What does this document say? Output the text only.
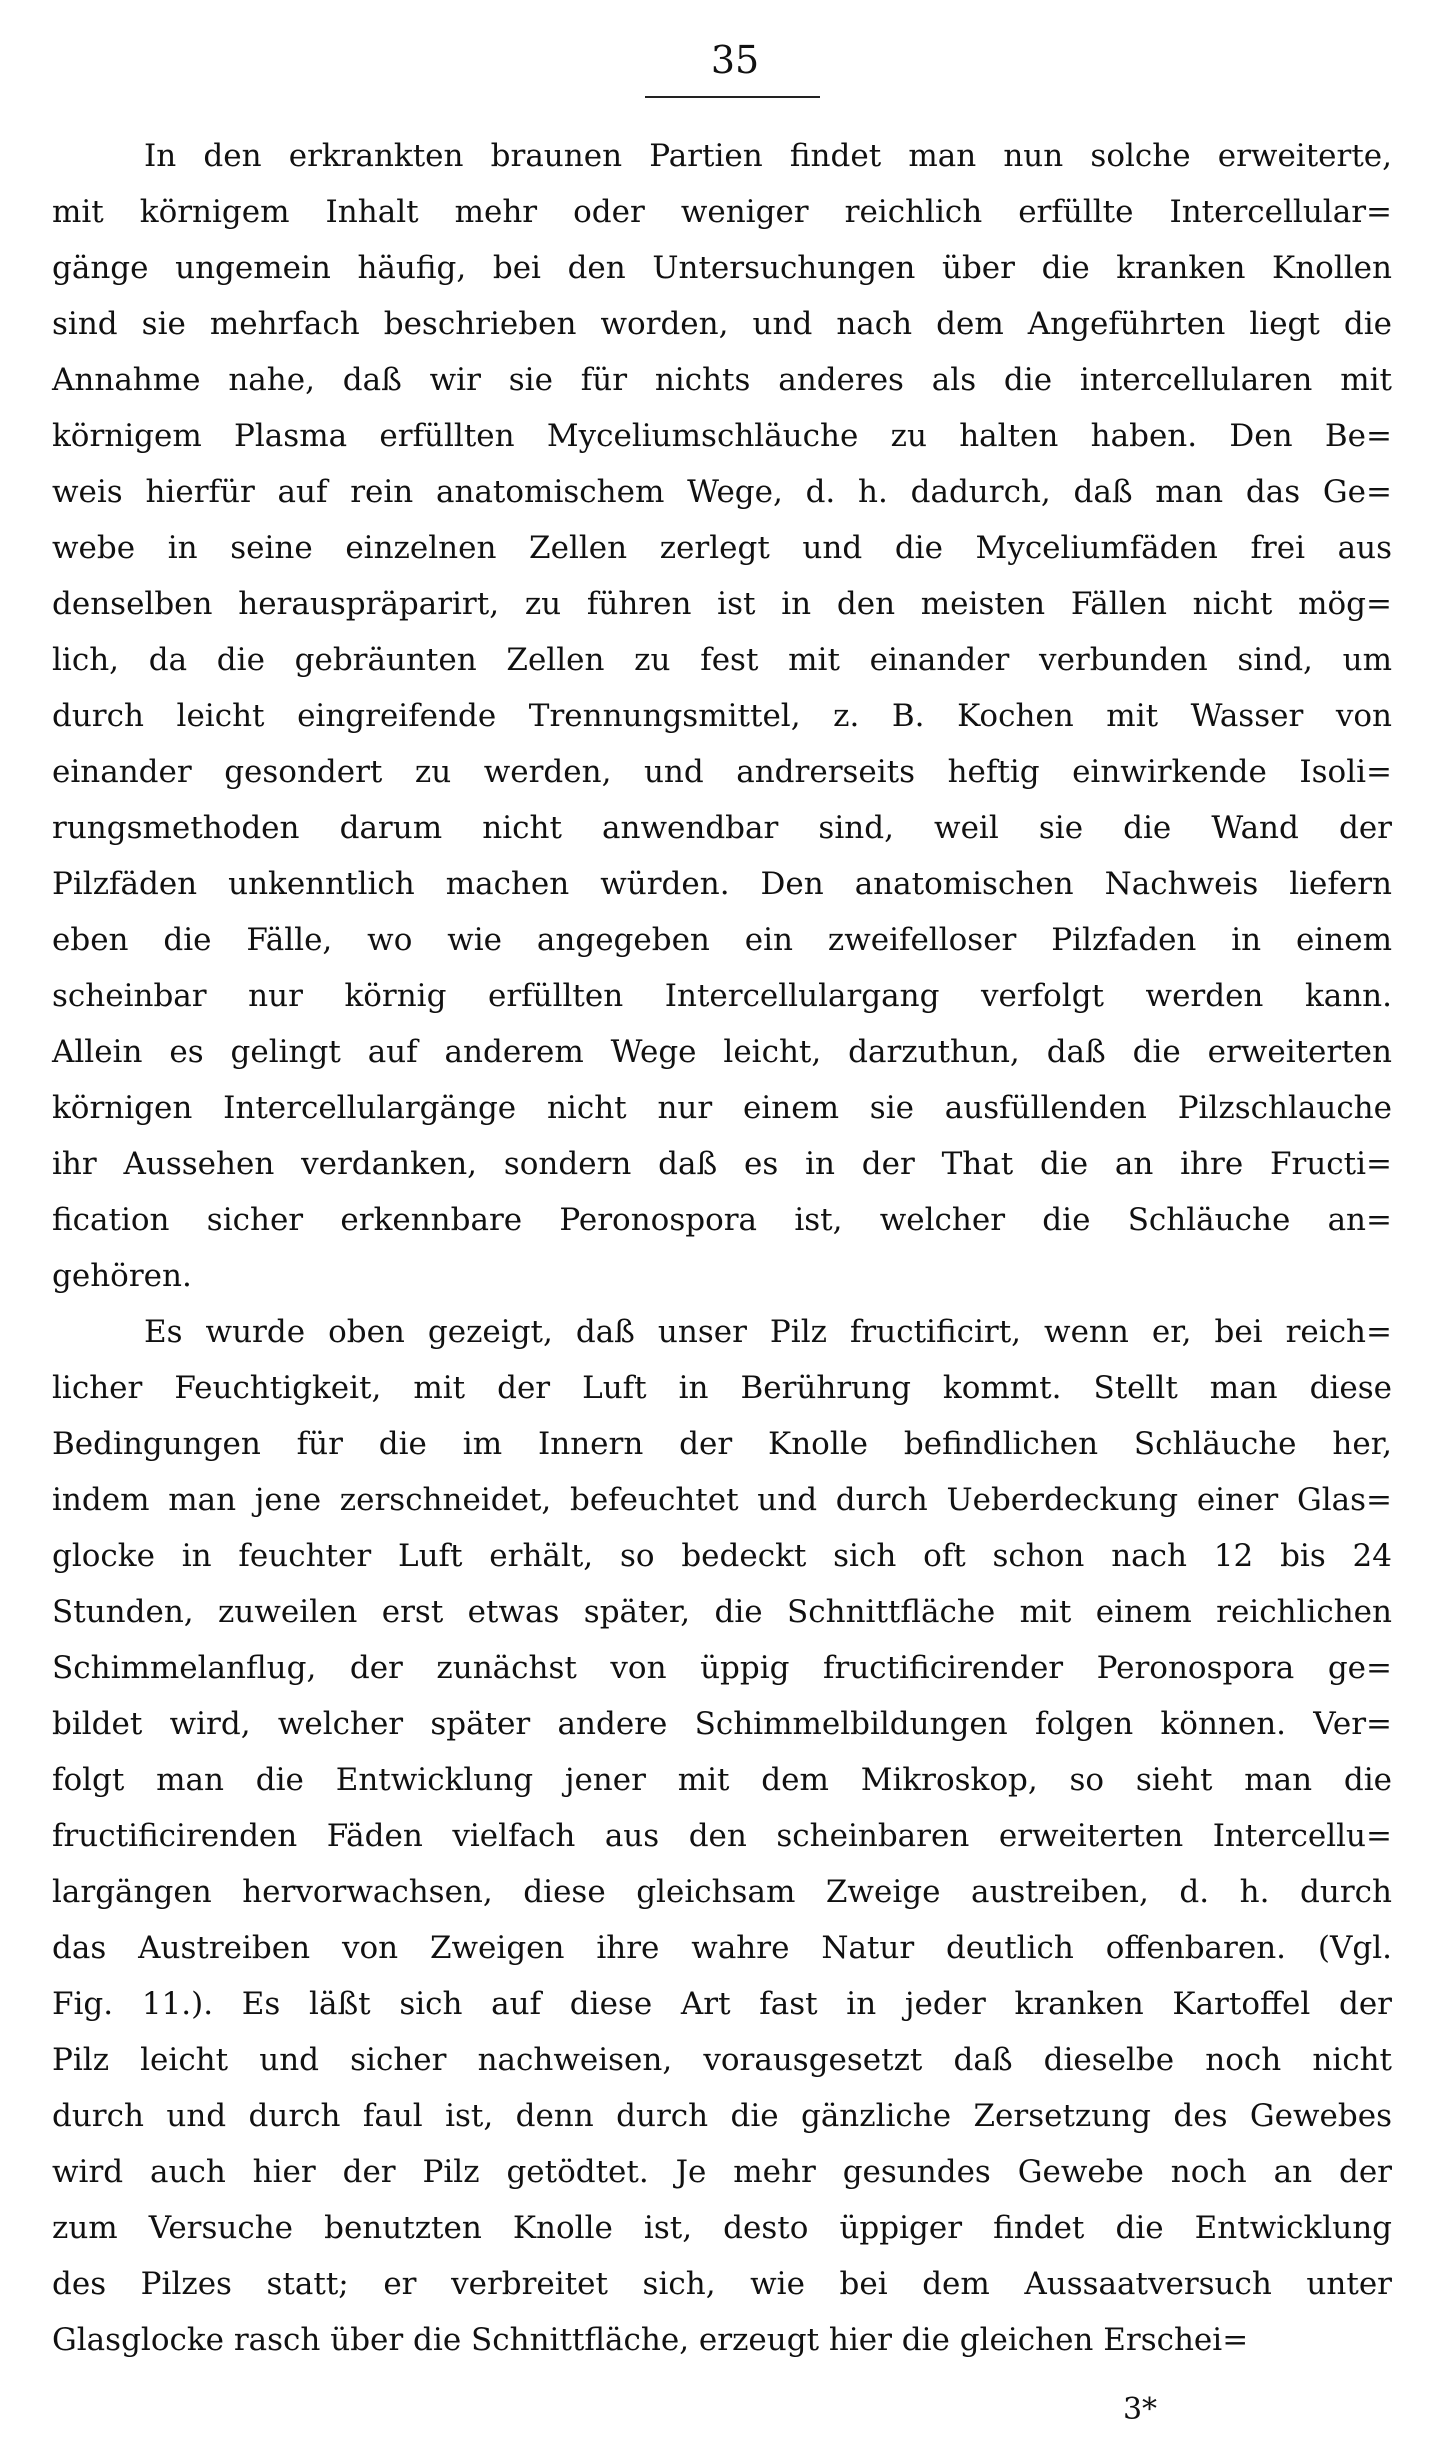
35
In den erkrankten braunen Partien findet man nun solche erweiterte,
mit körnigem Inhalt mehr oder weniger reichlich erfüllte Intercellular=
gänge ungemein häufig, bei den Untersuchungen über die kranken Knollen
sind sie mehrfach beschrieben worden, und nach dem Angeführten liegt die
Annahme nahe, daß wir sie für nichts anderes als die intercellularen mit
körnigem Plasma erfüllten Myceliumschläuche zu halten haben. Den Be=
weis hierfür auf rein anatomischem Wege, d. h. dadurch, daß man das Ge=
webe in seine einzelnen Zellen zerlegt und die Myceliumfäden frei aus
denselben herauspräparirt, zu führen ist in den meisten Fällen nicht mög=
lich, da die gebräunten Zellen zu fest mit einander verbunden sind, um
durch leicht eingreifende Trennungsmittel, z. B. Kochen mit Wasser von
einander gesondert zu werden, und andrerseits heftig einwirkende Isoli=
rungsmethoden darum nicht anwendbar sind, weil sie die Wand der
Pilzfäden unkenntlich machen würden. Den anatomischen Nachweis liefern
eben die Fälle, wo wie angegeben ein zweifelloser Pilzfaden in einem
scheinbar nur körnig erfüllten Intercellulargang verfolgt werden kann.
Allein es gelingt auf anderem Wege leicht, darzuthun, daß die erweiterten
körnigen Intercellulargänge nicht nur einem sie ausfüllenden Pilzschlauche
ihr Aussehen verdanken, sondern daß es in der That die an ihre Fructi=
fication sicher erkennbare Peronospora ist, welcher die Schläuche an=
gehören.
Es wurde oben gezeigt, daß unser Pilz fructificirt, wenn er, bei reich=
licher Feuchtigkeit, mit der Luft in Berührung kommt. Stellt man diese
Bedingungen für die im Innern der Knolle befindlichen Schläuche her,
indem man jene zerschneidet, befeuchtet und durch Ueberdeckung einer Glas=
glocke in feuchter Luft erhält, so bedeckt sich oft schon nach 12 bis 24
Stunden, zuweilen erst etwas später, die Schnittfläche mit einem reichlichen
Schimmelanflug, der zunächst von üppig fructificirender Peronospora ge=
bildet wird, welcher später andere Schimmelbildungen folgen können. Ver=
folgt man die Entwicklung jener mit dem Mikroskop, so sieht man die
fructificirenden Fäden vielfach aus den scheinbaren erweiterten Intercellu=
largängen hervorwachsen, diese gleichsam Zweige austreiben, d. h. durch
das Austreiben von Zweigen ihre wahre Natur deutlich offenbaren. (Vgl.
Fig. 11.). Es läßt sich auf diese Art fast in jeder kranken Kartoffel der
Pilz leicht und sicher nachweisen, vorausgesetzt daß dieselbe noch nicht
durch und durch faul ist, denn durch die gänzliche Zersetzung des Gewebes
wird auch hier der Pilz getödtet. Je mehr gesundes Gewebe noch an der
zum Versuche benutzten Knolle ist, desto üppiger findet die Entwicklung
des Pilzes statt; er verbreitet sich, wie bei dem Aussaatversuch unter
Glasglocke rasch über die Schnittfläche, erzeugt hier die gleichen Erschei=
3*
